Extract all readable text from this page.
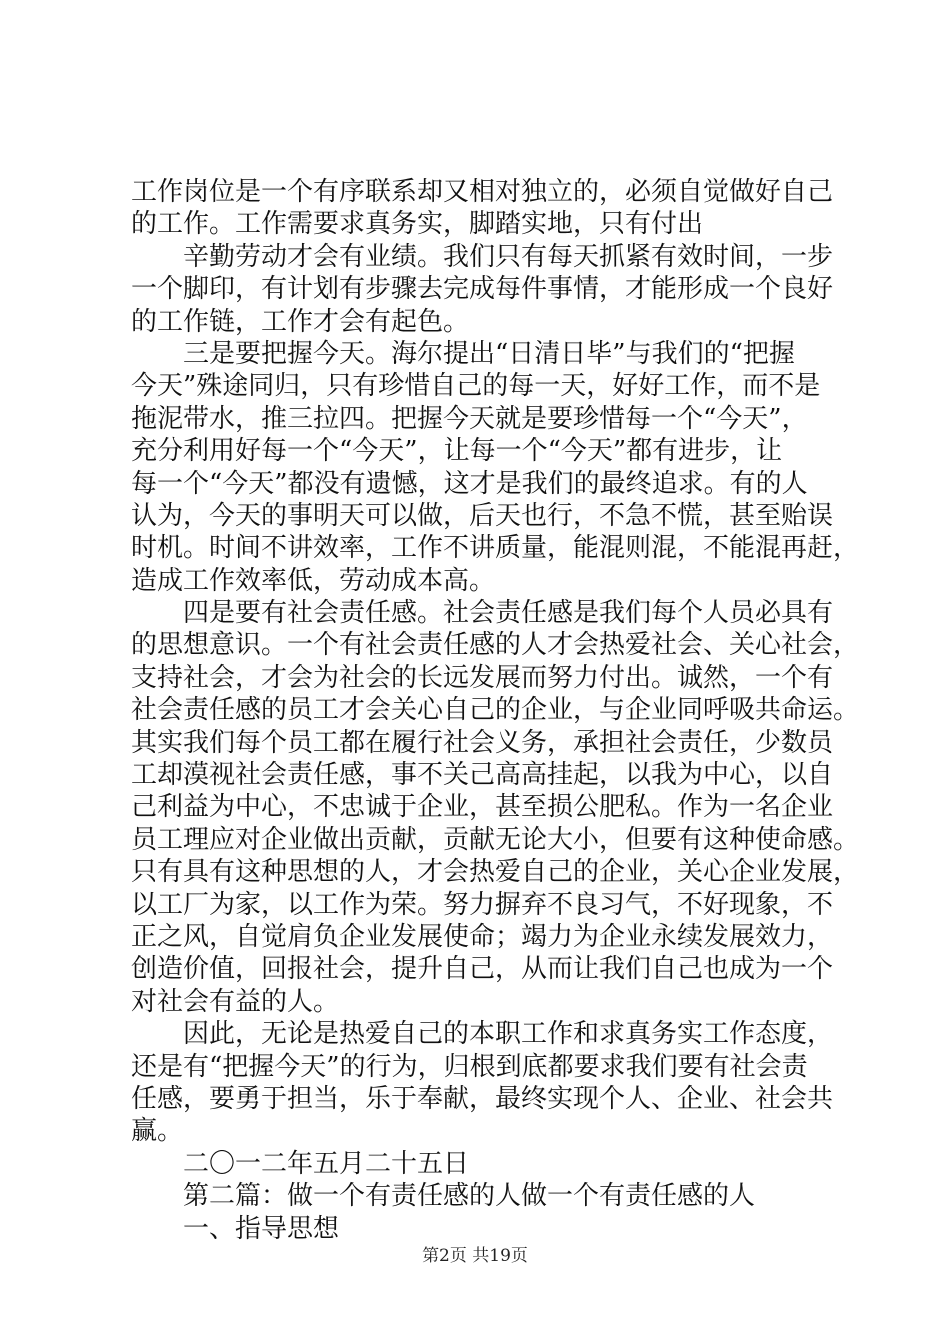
工作岗位是一个有序联系却又相对独立的，必须自觉做好自己
的工作。工作需要求真务实，脚踏实地，只有付出
辛勤劳动才会有业绩。我们只有每天抓紧有效时间，一步
一个脚印，有计划有步骤去完成每件事情，才能形成一个良好
的工作链，工作才会有起色。
三是要把握今天。海尔提出“日清日毕”与我们的“把握
今天”殊途同归，只有珍惜自己的每一天，好好工作，而不是
拖泥带水，推三拉四。把握今天就是要珍惜每一个“今天”，
充分利用好每一个“今天”，让每一个“今天”都有进步，让
每一个“今天”都没有遗憾，这才是我们的最终追求。有的人
认为，今天的事明天可以做，后天也行，不急不慌，甚至贻误
时机。时间不讲效率，工作不讲质量，能混则混，不能混再赶，
造成工作效率低，劳动成本高。
四是要有社会责任感。社会责任感是我们每个人员必具有
的思想意识。一个有社会责任感的人才会热爱社会、关心社会，
支持社会，才会为社会的长远发展而努力付出。诚然，一个有
社会责任感的员工才会关心自己的企业，与企业同呼吸共命运。
其实我们每个员工都在履行社会义务，承担社会责任，少数员
工却漠视社会责任感，事不关己高高挂起，以我为中心，以自
己利益为中心，不忠诚于企业，甚至损公肥私。作为一名企业
员工理应对企业做出贡献，贡献无论大小，但要有这种使命感。
只有具有这种思想的人，才会热爱自己的企业，关心企业发展，
以工厂为家，以工作为荣。努力摒弃不良习气，不好现象，不
正之风，自觉肩负企业发展使命；竭力为企业永续发展效力，
创造价值，回报社会，提升自己，从而让我们自己也成为一个
对社会有益的人。
因此，无论是热爱自己的本职工作和求真务实工作态度，
还是有“把握今天”的行为，归根到底都要求我们要有社会责
任感，要勇于担当，乐于奉献，最终实现个人、企业、社会共
赢。
二〇一二年五月二十五日
第二篇：做一个有责任感的人做一个有责任感的人
一、指导思想
第2页 共19页
